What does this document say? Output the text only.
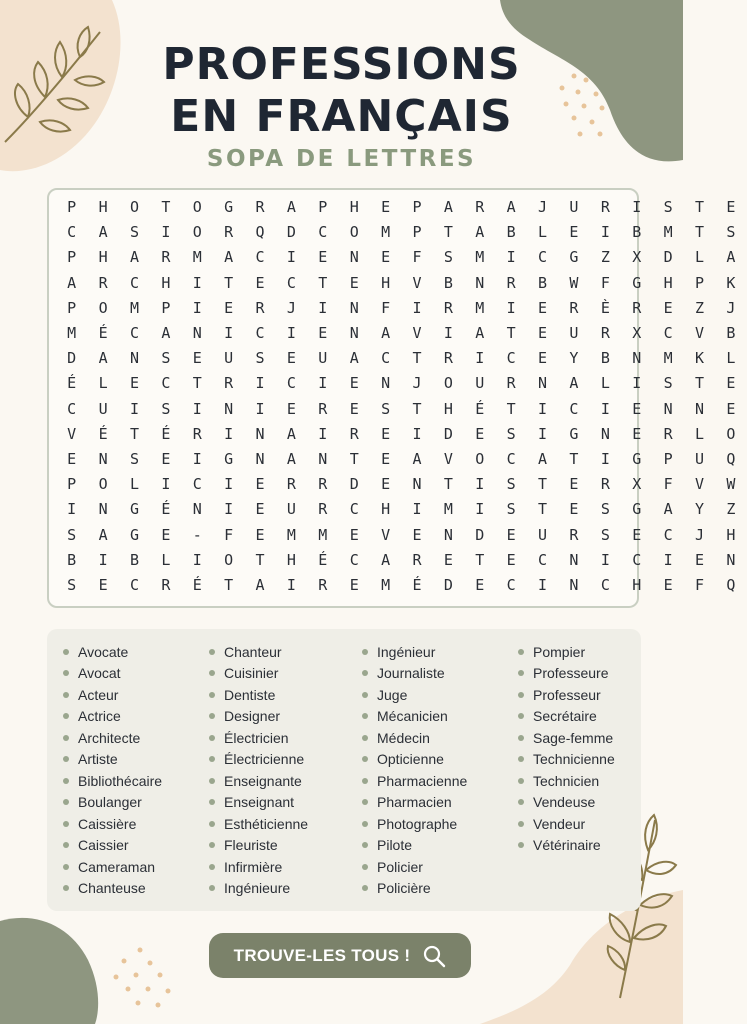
PROFESSIONS
EN FRANÇAIS
SOPA DE LETTRES
P	H	O	T	O	G	R	A	P	H	E	P	A	R	A	J	U	R	I	S	T	E
C	A	S	I	O	R	Q	D	C	O	M	P	T	A	B	L	E	I	B	M	T	S
P	H	A	R	M	A	C	I	E	N	E	F	S	M	I	C	G	Z	X	D	L	A
A	R	C	H	I	T	E	C	T	E	H	V	B	N	R	B	W	F	G	H	P	K
P	O	M	P	I	E	R	J	I	N	F	I	R	M	I	E	R	È	R	E	Z	J
M	É	C	A	N	I	C	I	E	N	A	V	I	A	T	E	U	R	X	C	V	B
D	A	N	S	E	U	S	E	U	A	C	T	R	I	C	E	Y	B	N	M	K	L
É	L	E	C	T	R	I	C	I	E	N	J	O	U	R	N	A	L	I	S	T	E
C	U	I	S	I	N	I	E	R	E	S	T	H	É	T	I	C	I	E	N	N	E
V	É	T	É	R	I	N	A	I	R	E	I	D	E	S	I	G	N	E	R	L	O
E	N	S	E	I	G	N	A	N	T	E	A	V	O	C	A	T	I	G	P	U	Q
P	O	L	I	C	I	E	R	R	D	E	N	T	I	S	T	E	R	X	F	V	W
I	N	G	É	N	I	E	U	R	C	H	I	M	I	S	T	E	S	G	A	Y	Z
S	A	G	E	-	F	E	M	M	E	V	E	N	D	E	U	R	S	E	C	J	H
B	I	B	L	I	O	T	H	É	C	A	R	E	T	E	C	N	I	C	I	E	N
S	E	C	R	É	T	A	I	R	E	M	É	D	E	C	I	N	C	H	E	F	Q
Avocate
Avocat
Acteur
Actrice
Architecte
Artiste
Bibliothécaire
Boulanger
Caissière
Caissier
Cameraman
Chanteuse
Chanteur
Cuisinier
Dentiste
Designer
Électricien
Électricienne
Enseignante
Enseignant
Esthéticienne
Fleuriste
Infirmière
Ingénieure
Ingénieur
Journaliste
Juge
Mécanicien
Médecin
Opticienne
Pharmacienne
Pharmacien
Photographe
Pilote
Policier
Policière
Pompier
Professeure
Professeur
Secrétaire
Sage-femme
Technicienne
Technicien
Vendeuse
Vendeur
Vétérinaire
TROUVE-LES TOUS !
